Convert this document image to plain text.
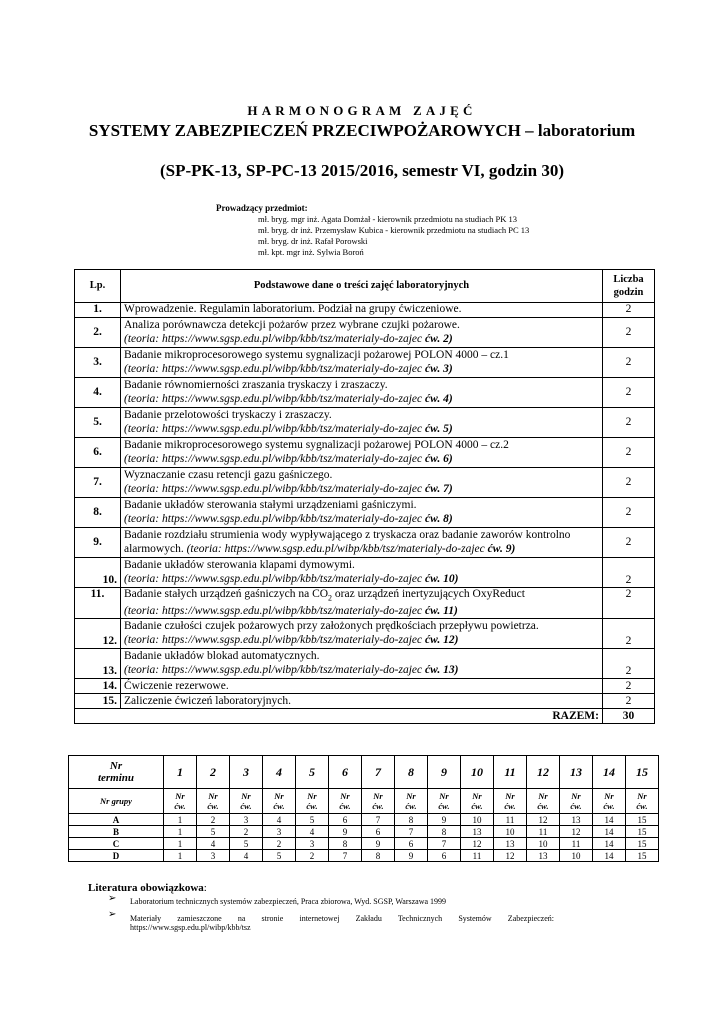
HARMONOGRAM ZAJĘĆ
SYSTEMY ZABEZPIECZEŃ PRZECIWPOŻAROWYCH – laboratorium
(SP-PK-13, SP-PC-13 2015/2016, semestr VI, godzin 30)
Prowadzący przedmiot:
mł. bryg. mgr inż. Agata Domżał - kierownik przedmiotu na studiach PK 13
mł. bryg. dr inż. Przemysław Kubica - kierownik przedmiotu na studiach PC 13
mł. bryg. dr inż. Rafał Porowski
mł. kpt. mgr inż. Sylwia Boroń
Lp.	Podstawowe dane o treści zajęć laboratoryjnych	Liczba
godzin
1.	Wprowadzenie. Regulamin laboratorium. Podział na grupy ćwiczeniowe.	2
2.	Analiza porównawcza detekcji pożarów przez wybrane czujki pożarowe.
(teoria: https://www.sgsp.edu.pl/wibp/kbb/tsz/materialy-do-zajec ćw. 2)	2
3.	Badanie mikroprocesorowego systemu sygnalizacji pożarowej POLON 4000 – cz.1
(teoria: https://www.sgsp.edu.pl/wibp/kbb/tsz/materialy-do-zajec ćw. 3)	2
4.	Badanie równomierności zraszania tryskaczy i zraszaczy.
(teoria: https://www.sgsp.edu.pl/wibp/kbb/tsz/materialy-do-zajec ćw. 4)	2
5.	Badanie przelotowości tryskaczy i zraszaczy.
(teoria: https://www.sgsp.edu.pl/wibp/kbb/tsz/materialy-do-zajec ćw. 5)	2
6.	Badanie mikroprocesorowego systemu sygnalizacji pożarowej POLON 4000 – cz.2
(teoria: https://www.sgsp.edu.pl/wibp/kbb/tsz/materialy-do-zajec ćw. 6)	2
7.	Wyznaczanie czasu retencji gazu gaśniczego.
(teoria: https://www.sgsp.edu.pl/wibp/kbb/tsz/materialy-do-zajec ćw. 7)	2
8.	Badanie układów sterowania stałymi urządzeniami gaśniczymi.
(teoria: https://www.sgsp.edu.pl/wibp/kbb/tsz/materialy-do-zajec ćw. 8)	2
9.	Badanie rozdziału strumienia wody wypływającego z tryskacza oraz badanie zaworów kontrolno alarmowych. (teoria: https://www.sgsp.edu.pl/wibp/kbb/tsz/materialy-do-zajec ćw. 9)	2
10.	Badanie układów sterowania klapami dymowymi.
(teoria: https://www.sgsp.edu.pl/wibp/kbb/tsz/materialy-do-zajec ćw. 10)	2
11.	Badanie stałych urządzeń gaśniczych na $CO_2$ oraz urządzeń inertyzujących OxyReduct
(teoria: https://www.sgsp.edu.pl/wibp/kbb/tsz/materialy-do-zajec ćw. 11)	2
12.	Badanie czułości czujek pożarowych przy założonych prędkościach przepływu powietrza.
(teoria: https://www.sgsp.edu.pl/wibp/kbb/tsz/materialy-do-zajec ćw. 12)	2
13.	Badanie układów blokad automatycznych.
(teoria: https://www.sgsp.edu.pl/wibp/kbb/tsz/materialy-do-zajec ćw. 13)	2
14.	Ćwiczenie rezerwowe.	2
15.	Zaliczenie ćwiczeń laboratoryjnych.	2
RAZEM:		30
Nr
terminu	1	2	3	4	5	6	7	8	9	10	11	12	13	14	15
Nr grupy	Nr
ćw.	Nr
ćw.	Nr
ćw.	Nr
ćw.	Nr
ćw.	Nr
ćw.	Nr
ćw.	Nr
ćw.	Nr
ćw.	Nr
ćw.	Nr
ćw.	Nr
ćw.	Nr
ćw.	Nr
ćw.	Nr
ćw.
A	1	2	3	4	5	6	7	8	9	10	11	12	13	14	15
B	1	5	2	3	4	9	6	7	8	13	10	11	12	14	15
C	1	4	5	2	3	8	9	6	7	12	13	10	11	14	15
D	1	3	4	5	2	7	8	9	6	11	12	13	10	14	15
Literatura obowiązkowa:
➢ Laboratorium technicznych systemów zabezpieczeń, Praca zbiorowa, Wyd. SGSP, Warszawa 1999
➢ Materiały zamieszczone na stronie internetowej Zakładu Technicznych Systemów Zabezpieczeń: https://www.sgsp.edu.pl/wibp/kbb/tsz
